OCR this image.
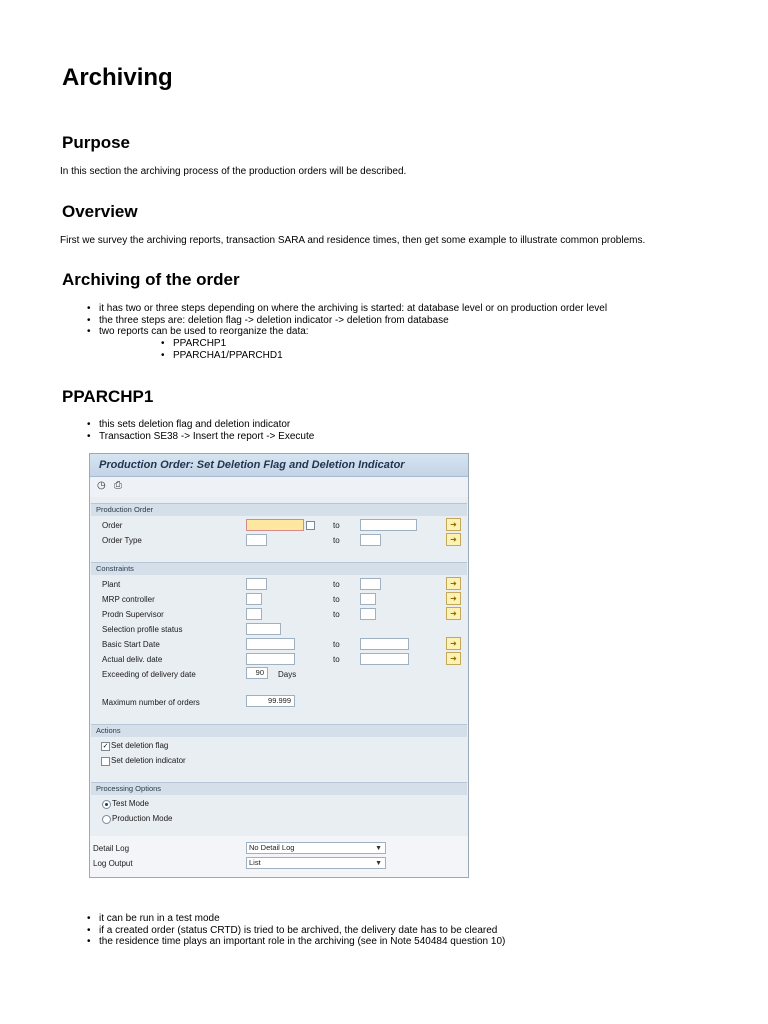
Archiving
Purpose

In this section the archiving process of the production orders will be described.

Overview

First we survey the archiving reports, transaction SARA and residence times, then get some example to illustrate common problems.

Archiving of the order
• it has two or three steps depending on where the archiving is started: at database level or on production order level
• the three steps are: deletion flag -> deletion indicator -> deletion from database
• two reports can be used to reorganize the data:
• PPARCHP1
• PPARCHA1/PPARCHD1
PPARCHP1
• this sets deletion flag and deletion indicator
• Transaction SE38 -> Insert the report -> Execute
Production Order: Set Deletion Flag and Deletion Indicator
◷ ⎙
Production Order
Order	to	➜
Order Type	to	➜
Constraints
Plant	to	➜
MRP controller	to	➜
Prodn Supervisor	to	➜
Selection profile status
Basic Start Date	to	➜
Actual deliv. date	to	➜
Exceeding of delivery date	90	Days
Maximum number of orders	99.999
Actions
✓ Set deletion flag
Set deletion indicator
Processing Options
Test Mode
Production Mode
Detail Log	No Detail Log	▼
Log Output	List	▼
• it can be run in a test mode
• if a created order (status CRTD) is tried to be archived, the delivery date has to be cleared
• the residence time plays an important role in the archiving (see in Note 540484 question 10)
